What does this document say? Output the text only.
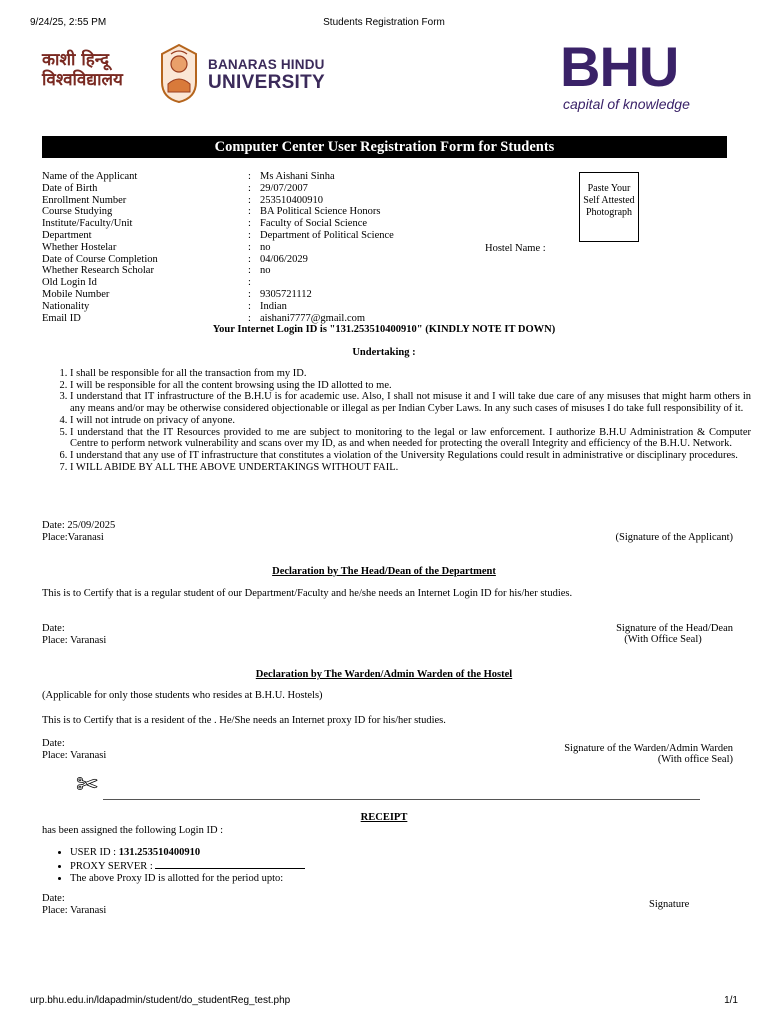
9/24/25, 2:55 PM	Students Registration Form
काशी हिन्दू
विश्वविद्यालय
BANARAS HINDU
UNIVERSITY	BHU
capital of knowledge
Computer Center User Registration Form for Students
Name of the Applicant	: Ms Aishani Sinha
Date of Birth	: 29/07/2007
Enrollment Number	: 253510400910
Course Studying	: BA Political Science Honors
Institute/Faculty/Unit	: Faculty of Social Science
Department	: Department of Political Science
Whether Hostelar	: no
Date of Course Completion	: 04/06/2029
Whether Research Scholar	: no
Old Login Id	:
Mobile Number	: 9305721112
Nationality	: Indian
Email ID	: aishani7777@gmail.com
Hostel Name :
Paste Your
Self Attested
Photograph
Your Internet Login ID is "131.253510400910" (KINDLY NOTE IT DOWN)
Undertaking :
1. I shall be responsible for all the transaction from my ID.
2. I will be responsible for all the content browsing using the ID allotted to me.
3. I understand that IT infrastructure of the B.H.U is for academic use. Also, I shall not misuse it and I will take due care of any misuses that might harm others in any means and/or may be otherwise considered objectionable or illegal as per Indian Cyber Laws. In any such cases of misuses I do take full responsibility of it.
4. I will not intrude on privacy of anyone.
5. I understand that the IT Resources provided to me are subject to monitoring to the legal or law enforcement. I authorize B.H.U Administration & Computer Centre to perform network vulnerability and scans over my ID, as and when needed for protecting the overall Integrity and efficiency of the B.H.U. Network.
6. I understand that any use of IT infrastructure that constitutes a violation of the University Regulations could result in administrative or disciplinary procedures.
7. I WILL ABIDE BY ALL THE ABOVE UNDERTAKINGS WITHOUT FAIL.
Date: 25/09/2025
Place:Varanasi	(Signature of the Applicant)
Declaration by The Head/Dean of the Department
This is to Certify that is a regular student of our Department/Faculty and he/she needs an Internet Login ID for his/her studies.
Date:
Place: Varanasi
Signature of the Head/Dean
(With Office Seal)
Declaration by The Warden/Admin Warden of the Hostel
(Applicable for only those students who resides at B.H.U. Hostels)
This is to Certify that is a resident of the . He/She needs an Internet proxy ID for his/her studies.
Date:
Place: Varanasi
Signature of the Warden/Admin Warden
(With office Seal)
✄
RECEIPT
has been assigned the following Login ID :
• USER ID : 131.253510400910
• PROXY SERVER :
• The above Proxy ID is allotted for the period upto:
Date:
Place: Varanasi
Signature
urp.bhu.edu.in/ldapadmin/student/do_studentReg_test.php	1/1
